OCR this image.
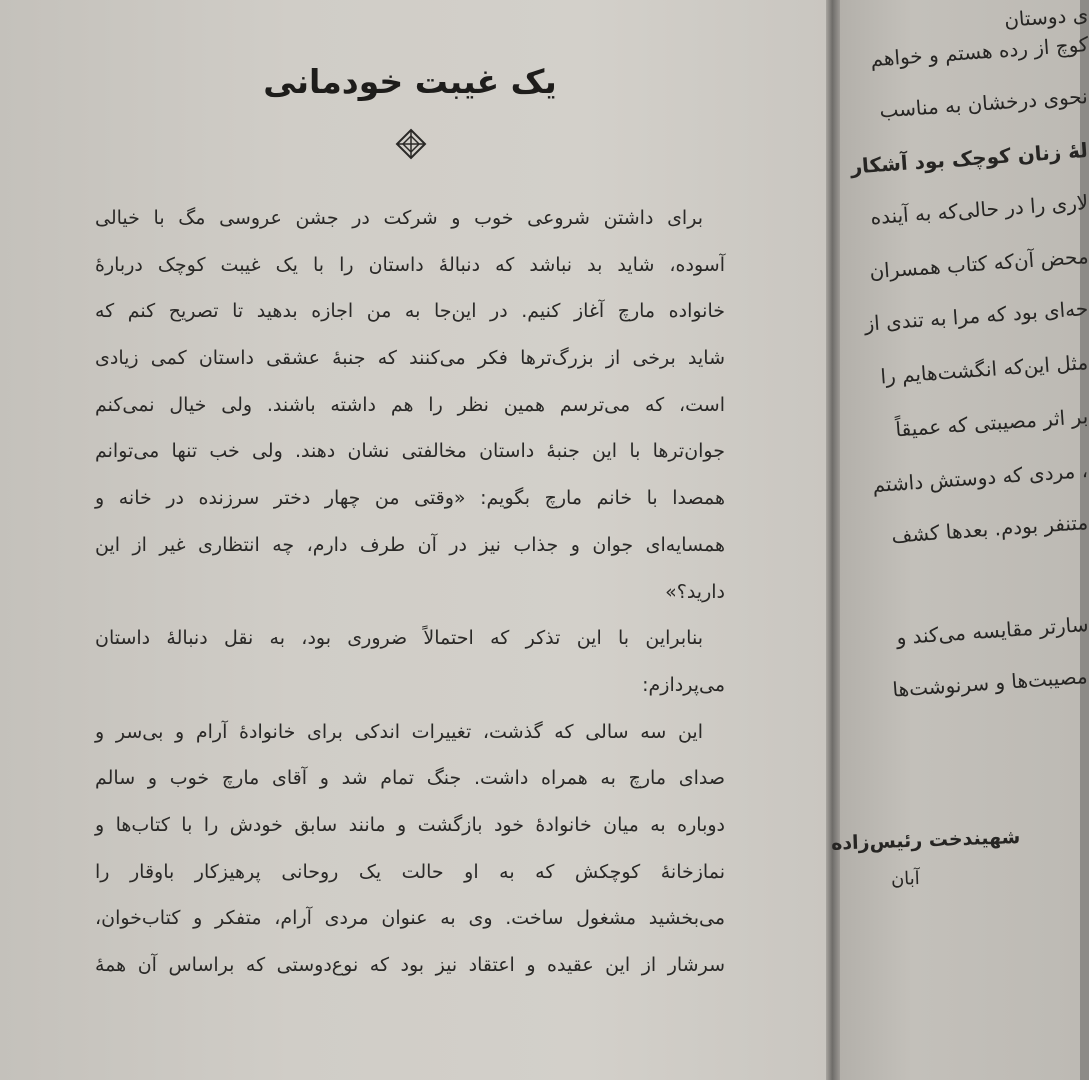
یک غیبت خودمانی
برای داشتن شروعی خوب و شرکت در جشن عروسی مگ با خیالی
آسوده، شاید بد نباشد که دنبالهٔ داستان را با یک غیبت کوچک دربارهٔ
خانواده مارچ آغاز کنیم. در این‌جا به من اجازه بدهید تا تصریح کنم که
شاید برخی از بزرگ‌ترها فکر می‌کنند که جنبهٔ عشقی داستان کمی زیادی
است، که می‌ترسم همین نظر را هم داشته باشند. ولی خیال نمی‌کنم
جوان‌ترها با این جنبهٔ داستان مخالفتی نشان دهند. ولی خب تنها می‌توانم
همصدا با خانم مارچ بگویم: «وقتی من چهار دختر سرزنده در خانه و
همسایه‌ای جوان و جذاب نیز در آن طرف دارم، چه انتظاری غیر از این
دارید؟»
بنابراین با این تذکر که احتمالاً ضروری بود، به نقل دنبالهٔ داستان
می‌پردازم:
این سه سالی که گذشت، تغییرات اندکی برای خانوادهٔ آرام و بی‌سر و
صدای مارچ به همراه داشت. جنگ تمام شد و آقای مارچ خوب و سالم
دوباره به میان خانوادهٔ خود بازگشت و مانند سابق خودش را با کتاب‌ها و
نمازخانهٔ کوچکش که به او حالت یک روحانی پرهیزکار باوقار را
می‌بخشید مشغول ساخت. وی به عنوان مردی آرام، متفکر و کتاب‌خوان،
سرشار از این عقیده و اعتقاد نیز بود که نوع‌دوستی که براساس آن همهٔ
ی دوستان
کوچ از رده هستم و خواهم
نحوی درخشان به مناسب
لهٔ زنان کوچک بود آشکار
لاری را در حالی‌که به آینده
محض آن‌که کتاب همسران
حه‌ای بود که مرا به تندی از
مثل این‌که انگشت‌هایم را
بر اثر مصیبتی که عمیقاً
، مردی که دوستش داشتم
متنفر بودم. بعدها کشف
سارتر مقایسه می‌کند و
مصیبت‌ها و سرنوشت‌ها
شهیندخت رئیس‌زاده
آبان
